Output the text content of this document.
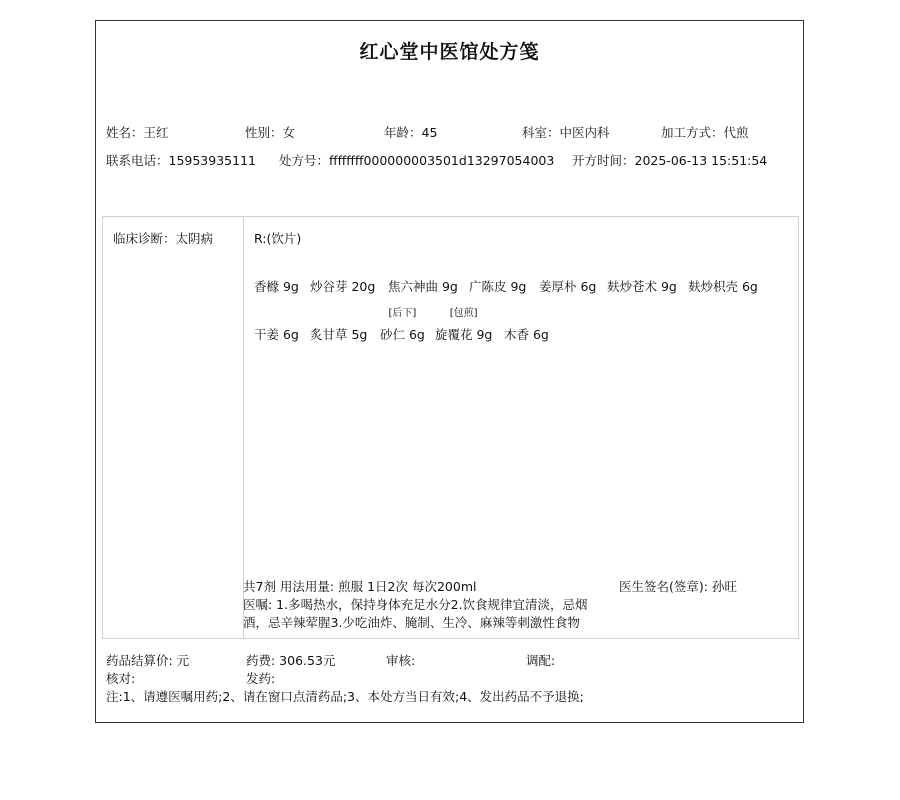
红心堂中医馆处方笺
姓名：王红	性别：女	年龄：45	科室：中医内科	加工方式：代煎
联系电话：15953935111 处方号：ffffffff000000003501d13297054003 开方时间：2025-06-13 15:51:54
临床诊断：太阴病	R:(饮片)
香橼 9g 炒谷芽 20g 焦六神曲 9g 广陈皮 9g 姜厚朴 6g 麸炒苍术 9g 麸炒枳壳 6g
干姜 6g 炙甘草 5g 砂仁 6g
[后下]
旋覆花 9g
[包煎]
木香 6g
共7剂 用法用量: 煎服 1日2次 每次200ml	医生签名(签章): 孙旺
医嘱: 1.多喝热水，保持身体充足水分2.饮食规律宜清淡，忌烟酒，忌辛辣荤腥3.少吃油炸、腌制、生冷、麻辣等刺激性食物
药品结算价: 元	药费: 306.53元	审核:	调配:
核对:	发药:
注:1、请遵医嘱用药;2、请在窗口点清药品;3、本处方当日有效;4、发出药品不予退换;
